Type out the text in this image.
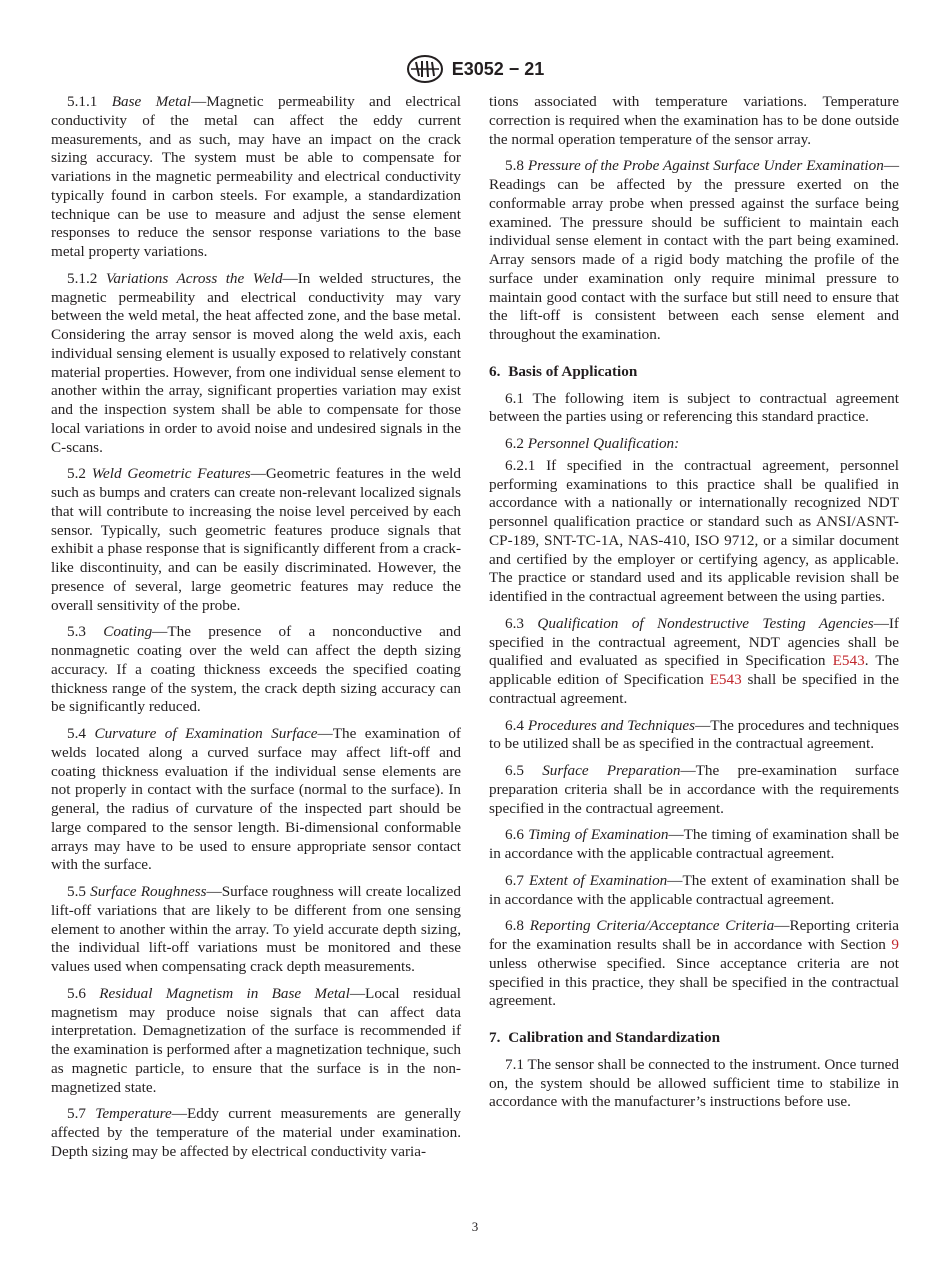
E3052 − 21

5.1.1 Base Metal—Magnetic permeability and electrical conductivity of the metal can affect the eddy current measurements, and as such, may have an impact on the crack sizing accuracy. The system must be able to compensate for variations in the magnetic permeability and electrical conductivity typically found in carbon steels. For example, a standardization technique can be use to measure and adjust the sense element responses to reduce the sensor response variations to the base metal property variations.

5.1.2 Variations Across the Weld—In welded structures, the magnetic permeability and electrical conductivity may vary between the weld metal, the heat affected zone, and the base metal. Considering the array sensor is moved along the weld axis, each individual sensing element is usually exposed to relatively constant material properties. However, from one individual sense element to another within the array, significant properties variation may exist and the inspection system shall be able to compensate for those local variations in order to avoid noise and undesired signals in the C-scans.

5.2 Weld Geometric Features—Geometric features in the weld such as bumps and craters can create non-relevant localized signals that will contribute to increasing the noise level perceived by each sensor. Typically, such geometric features produce signals that exhibit a phase response that is significantly different from a crack-like discontinuity, and can be easily discriminated. However, the presence of several, large geometric features may reduce the overall sensitivity of the probe.

5.3 Coating—The presence of a nonconductive and nonmagnetic coating over the weld can affect the depth sizing accuracy. If a coating thickness exceeds the specified coating thickness range of the system, the crack depth sizing accuracy can be significantly reduced.

5.4 Curvature of Examination Surface—The examination of welds located along a curved surface may affect lift-off and coating thickness evaluation if the individual sense elements are not properly in contact with the surface (normal to the surface). In general, the radius of curvature of the inspected part should be large compared to the sensor length. Bi-dimensional conformable arrays may have to be used to ensure appropriate sensor contact with the surface.

5.5 Surface Roughness—Surface roughness will create localized lift-off variations that are likely to be different from one sensing element to another within the array. To yield accurate depth sizing, the individual lift-off variations must be monitored and these values used when compensating crack depth measurements.

5.6 Residual Magnetism in Base Metal—Local residual magnetism may produce noise signals that can affect data interpretation. Demagnetization of the surface is recommended if the examination is performed after a magnetization technique, such as magnetic particle, to ensure that the surface is in the non-magnetized state.

5.7 Temperature—Eddy current measurements are generally affected by the temperature of the material under examination. Depth sizing may be affected by electrical conductivity varia-

tions associated with temperature variations. Temperature correction is required when the examination has to be done outside the normal operation temperature of the sensor array.

5.8 Pressure of the Probe Against Surface Under Examination—Readings can be affected by the pressure exerted on the conformable array probe when pressed against the surface being examined. The pressure should be sufficient to maintain each individual sense element in contact with the part being examined. Array sensors made of a rigid body matching the profile of the surface under examination only require minimal pressure to maintain good contact with the surface but still need to ensure that the lift-off is consistent between each sense element and throughout the examination.

6. Basis of Application

6.1 The following item is subject to contractual agreement between the parties using or referencing this standard practice.

6.2 Personnel Qualification:

6.2.1 If specified in the contractual agreement, personnel performing examinations to this practice shall be qualified in accordance with a nationally or internationally recognized NDT personnel qualification practice or standard such as ANSI/ASNT-CP-189, SNT-TC-1A, NAS-410, ISO 9712, or a similar document and certified by the employer or certifying agency, as applicable. The practice or standard used and its applicable revision shall be identified in the contractual agreement between the using parties.

6.3 Qualification of Nondestructive Testing Agencies—If specified in the contractual agreement, NDT agencies shall be qualified and evaluated as specified in Specification E543. The applicable edition of Specification E543 shall be specified in the contractual agreement.

6.4 Procedures and Techniques—The procedures and techniques to be utilized shall be as specified in the contractual agreement.

6.5 Surface Preparation—The pre-examination surface preparation criteria shall be in accordance with the requirements specified in the contractual agreement.

6.6 Timing of Examination—The timing of examination shall be in accordance with the applicable contractual agreement.

6.7 Extent of Examination—The extent of examination shall be in accordance with the applicable contractual agreement.

6.8 Reporting Criteria/Acceptance Criteria—Reporting criteria for the examination results shall be in accordance with Section 9 unless otherwise specified. Since acceptance criteria are not specified in this practice, they shall be specified in the contractual agreement.

7. Calibration and Standardization

7.1 The sensor shall be connected to the instrument. Once turned on, the system should be allowed sufficient time to stabilize in accordance with the manufacturer’s instructions before use.

3
